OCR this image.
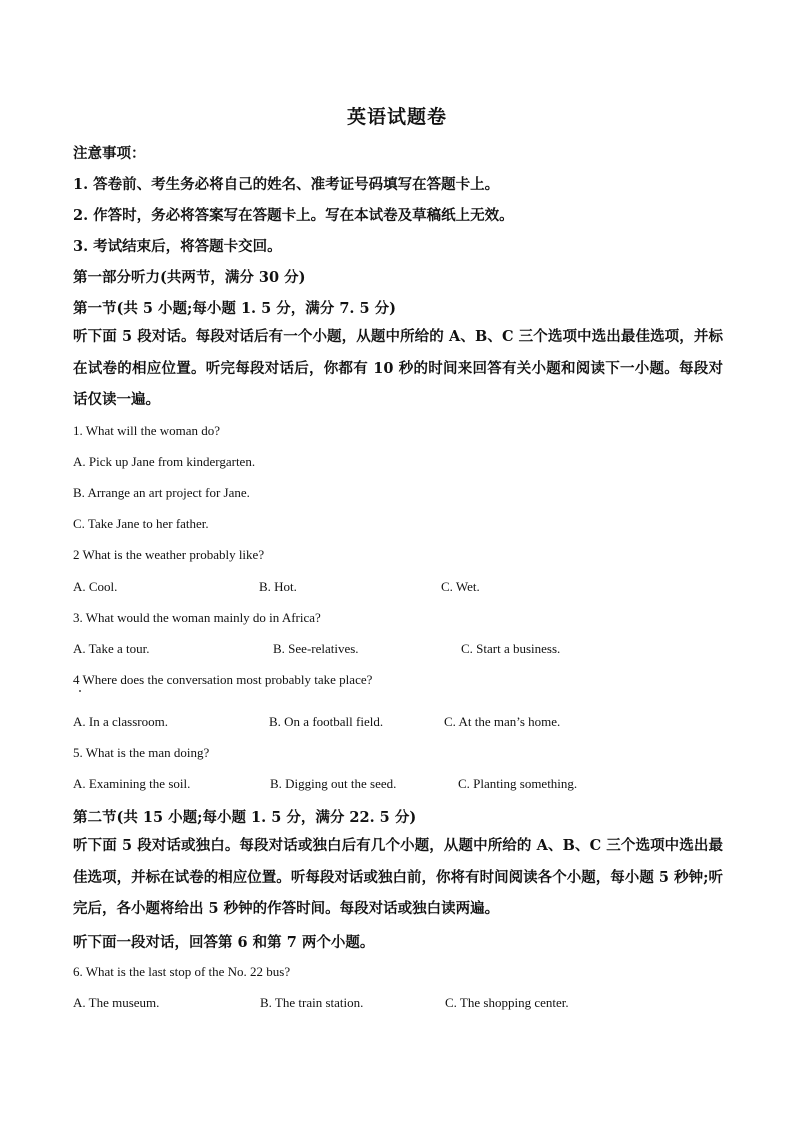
英语试题卷
注意事项：
1. 答卷前、考生务必将自己的姓名、准考证号码填写在答题卡上。
2. 作答时，务必将答案写在答题卡上。写在本试卷及草稿纸上无效。
3. 考试结束后，将答题卡交回。
第一部分听力(共两节，满分 30 分)
第一节(共 5 小题;每小题 1. 5 分，满分 7. 5 分)
听下面 5 段对话。每段对话后有一个小题，从题中所给的 A、B、C 三个选项中选出最佳选项，并标在试卷的相应位置。听完每段对话后，你都有 10 秒的时间来回答有关小题和阅读下一小题。每段对话仅读一遍。
1. What will the woman do?
A. Pick up Jane from kindergarten.
B. Arrange an art project for Jane.
C. Take Jane to her father.
2 What is the weather probably like?
A. Cool.	B. Hot.	C. Wet.
3. What would the woman mainly do in Africa?
A. Take a tour.	B. See-relatives.	C. Start a business.
4 Where does the conversation most probably take place?
A. In a classroom.	B. On a football field.	C. At the man’s home.
5. What is the man doing?
A. Examining the soil.	B. Digging out the seed.	C. Planting something.
第二节(共 15 小题;每小题 1. 5 分，满分 22. 5 分)
听下面 5 段对话或独白。每段对话或独白后有几个小题，从题中所给的 A、B、C 三个选项中选出最佳选项，并标在试卷的相应位置。听每段对话或独白前，你将有时间阅读各个小题，每小题 5 秒钟;听完后，各小题将给出 5 秒钟的作答时间。每段对话或独白读两遍。
听下面一段对话，回答第 6 和第 7 两个小题。
6. What is the last stop of the No. 22 bus?
A. The museum.	B. The train station.	C. The shopping center.
